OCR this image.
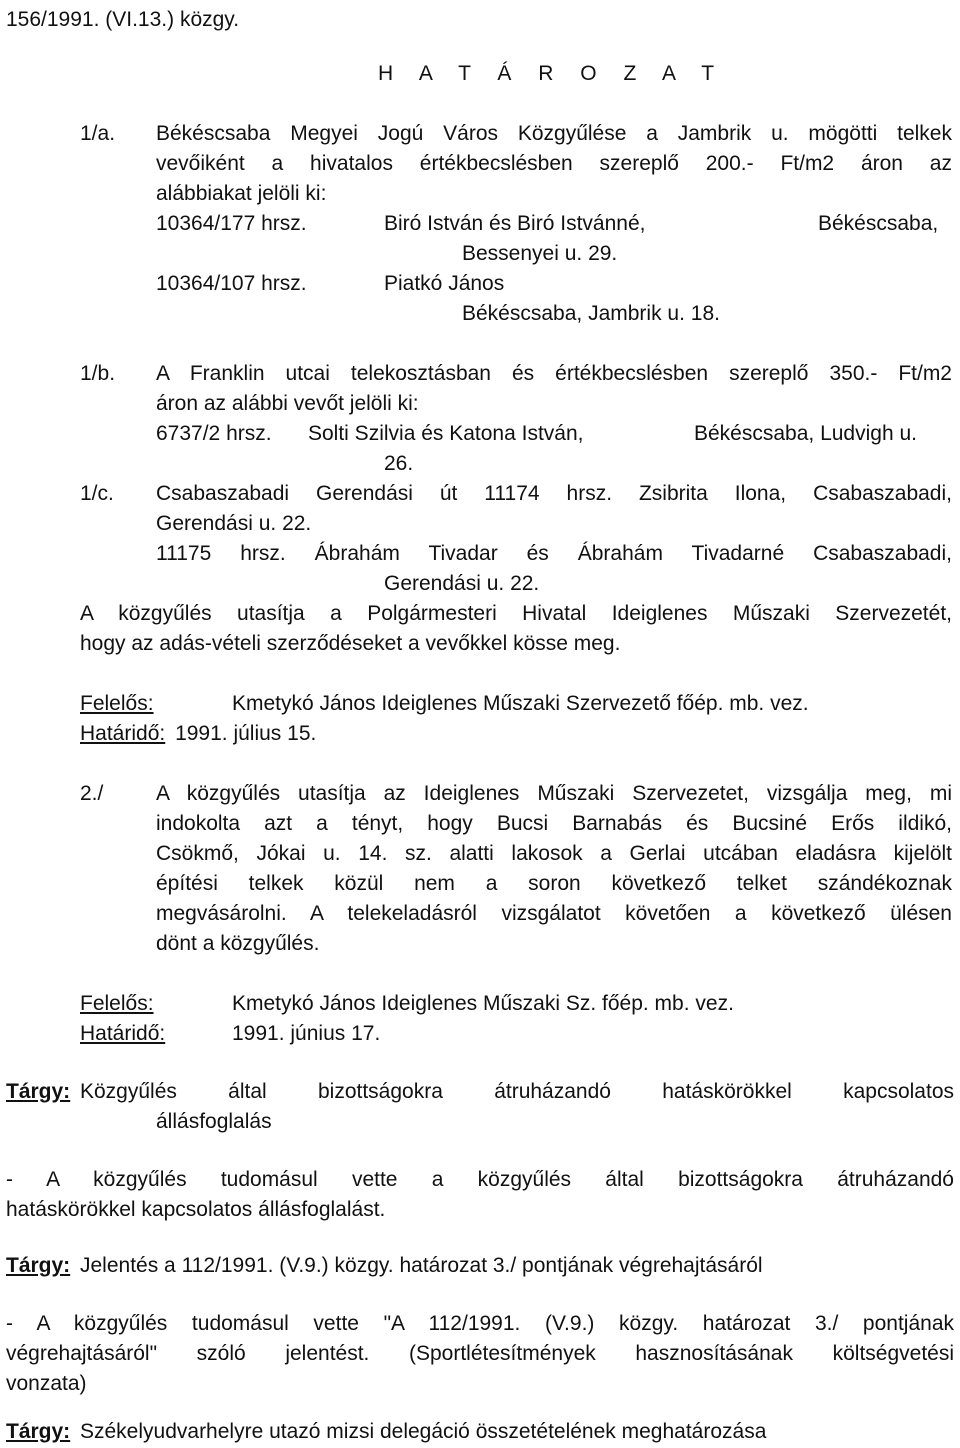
156/1991. (VI.13.) közgy.
H A T Á R O Z A T
1/a. Békéscsaba Megyei Jogú Város Közgyűlése a Jambrik u. mögötti telkek
vevőiként a hivatalos értékbecslésben szereplő 200.- Ft/m2 áron az
alábbiakat jelöli ki:
10364/177 hrsz.	Biró István és Biró Istvánné,	Békéscsaba,
Bessenyei u. 29.
10364/107 hrsz.	Piatkó János
Békéscsaba, Jambrik u. 18.
1/b. A Franklin utcai telekosztásban és értékbecslésben szereplő 350.- Ft/m2
áron az alábbi vevőt jelöli ki:
6737/2 hrsz. Solti Szilvia és Katona István,	Békéscsaba, Ludvigh u.
26.
1/c. Csabaszabadi Gerendási út 11174 hrsz. Zsibrita Ilona, Csabaszabadi,
Gerendási u. 22.
11175 hrsz. Ábrahám Tivadar és Ábrahám Tivadarné Csabaszabadi,
Gerendási u. 22.
A közgyűlés utasítja a Polgármesteri Hivatal Ideiglenes Műszaki Szervezetét,
hogy az adás-vételi szerződéseket a vevőkkel kösse meg.
Felelős:	Kmetykó János Ideiglenes Műszaki Szervezető főép. mb. vez.
Határidő: 1991. július 15.
2./	A közgyűlés utasítja az Ideiglenes Műszaki Szervezetet, vizsgálja meg, mi
indokolta azt a tényt, hogy Bucsi Barnabás és Bucsiné Erős ildikó,
Csökmő, Jókai u. 14. sz. alatti lakosok a Gerlai utcában eladásra kijelölt
építési telkek közül nem a soron következő telket szándékoznak
megvásárolni. A telekeladásról vizsgálatot követően a következő ülésen
dönt a közgyűlés.
Felelős:	Kmetykó János Ideiglenes Műszaki Sz. főép. mb. vez.
Határidő:	1991. június 17.
Tárgy: Közgyűlés által bizottságokra átruházandó hatáskörökkel kapcsolatos
állásfoglalás
- A közgyűlés tudomásul vette a közgyűlés által bizottságokra átruházandó
hatáskörökkel kapcsolatos állásfoglalást.
Tárgy: Jelentés a 112/1991. (V.9.) közgy. határozat 3./ pontjának végrehajtásáról
- A közgyűlés tudomásul vette "A 112/1991. (V.9.) közgy. határozat 3./ pontjának
végrehajtásáról" szóló jelentést. (Sportlétesítmények hasznosításának költségvetési
vonzata)
Tárgy: Székelyudvarhelyre utazó mizsi delegáció összetételének meghatározása
